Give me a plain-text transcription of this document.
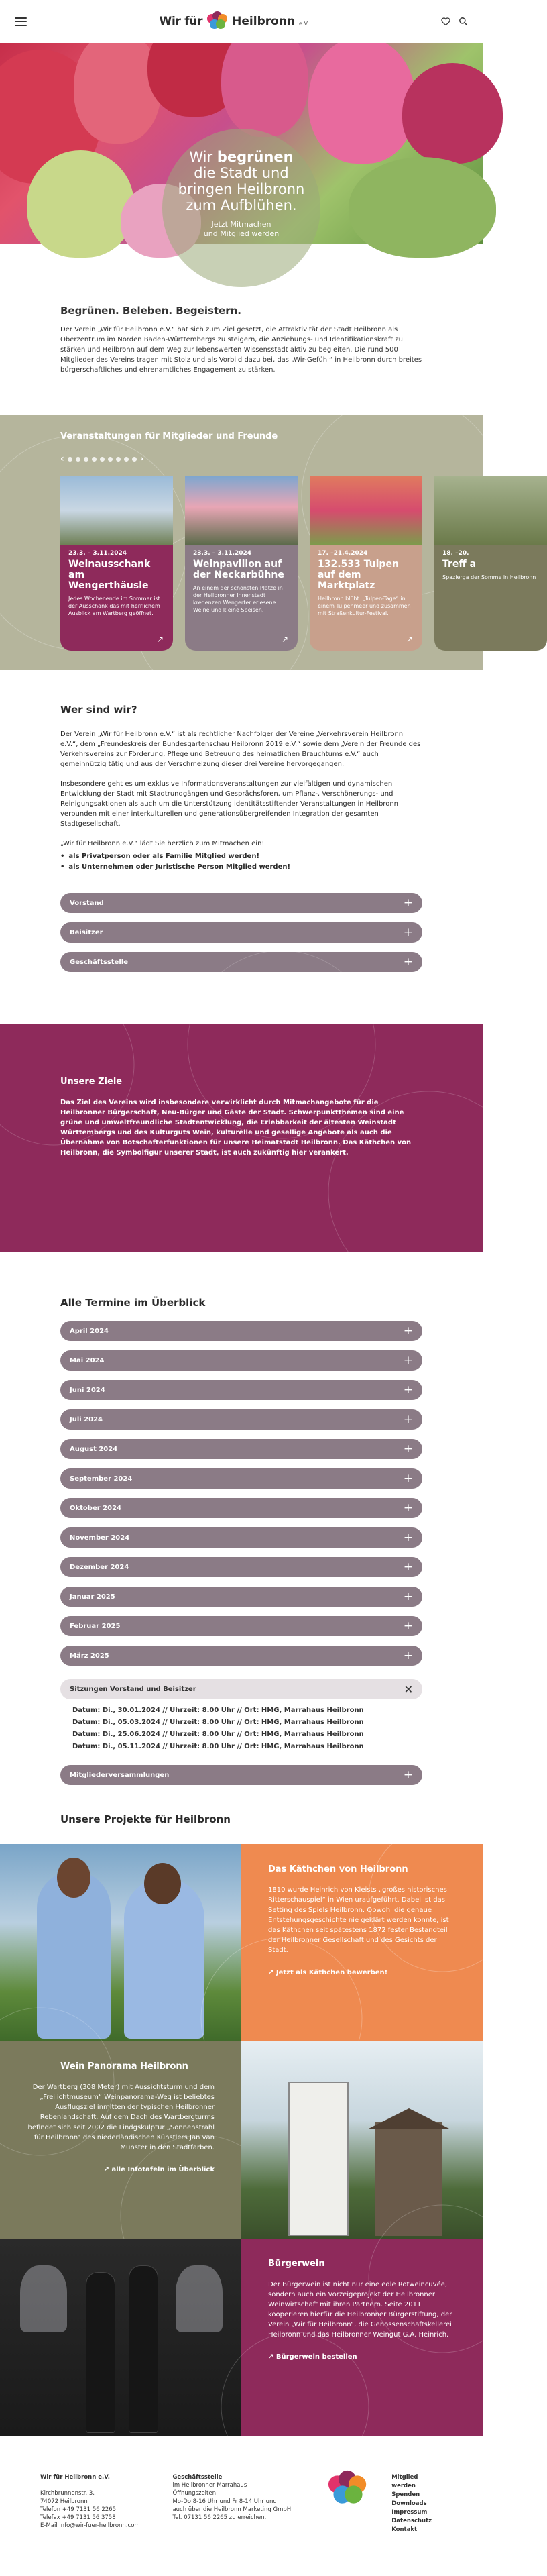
Wir für	Heilbronn e.V.
Wir begrünen
die Stadt und
bringen Heilbronn
zum Aufblühen.
Jetzt Mitmachen
und Mitglied werden
Begrünen. Beleben. Begeistern.

Der Verein „Wir für Heilbronn e.V.“ hat sich zum Ziel gesetzt, die Attraktivität der Stadt Heilbronn als Oberzentrum im Norden Baden-Württembergs zu steigern, die Anziehungs- und Identifikationskraft zu stärken und Heilbronn auf dem Weg zur lebenswerten Wissensstadt aktiv zu begleiten. Die rund 500 Mitglieder des Vereins tragen mit Stolz und als Vorbild dazu bei, das „Wir-Gefühl“ in Heilbronn durch breites bürgerschaftliches und ehrenamtliches Engagement zu stärken.

Veranstaltungen für Mitglieder und Freunde
‹	›
23.3. – 3.11.2024
Weinausschank am Wengerthäusle
Jedes Wochenende im Sommer ist der Ausschank das mit herrlichem Ausblick am Wartberg geöffnet.
↗
23.3. – 3.11.2024
Weinpavillon auf der Neckarbühne
An einem der schönsten Plätze in der Heilbronner Innenstadt kredenzen Wengerter erlesene Weine und kleine Speisen.
↗
17. –21.4.2024
132.533 Tulpen auf dem Marktplatz
Heilbronn blüht: „Tulpen-Tage“ in einem Tulpenmeer und zusammen mit Straßenkultur-Festival.
↗
18. –20.
Treff a
Spazierga der Somme in Heilbronn
Wer sind wir?

Der Verein „Wir für Heilbronn e.V.“ ist als rechtlicher Nachfolger der Vereine „Verkehrsverein Heilbronn e.V.“, dem „Freundeskreis der Bundesgartenschau Heilbronn 2019 e.V.“ sowie dem „Verein der Freunde des Verkehrsvereins zur Förderung, Pflege und Betreuung des heimatlichen Brauchtums e.V.“ auch gemeinnützig tätig und aus der Verschmelzung dieser drei Vereine hervorgegangen.

Insbesondere geht es um exklusive Informationsveranstaltungen zur vielfältigen und dynamischen Entwicklung der Stadt mit Stadtrundgängen und Gesprächsforen, um Pflanz-, Verschönerungs- und Reinigungsaktionen als auch um die Unterstützung identitätsstiftender Veranstaltungen in Heilbronn verbunden mit einer interkulturellen und generationsübergreifenden Integration der gesamten Stadtgesellschaft.

„Wir für Heilbronn e.V.“ lädt Sie herzlich zum Mitmachen ein!

• als Privatperson oder als Familie Mitglied werden!
• als Unternehmen oder Juristische Person Mitglied werden!
Vorstand	+
Beisitzer	+
Geschäftsstelle	+
Unsere Ziele

Das Ziel des Vereins wird insbesondere verwirklicht durch Mitmachangebote für die Heilbronner Bürgerschaft, Neu-Bürger und Gäste der Stadt. Schwerpunktthemen sind eine grüne und umweltfreundliche Stadtentwicklung, die Erlebbarkeit der ältesten Weinstadt Württembergs und des Kulturguts Wein, kulturelle und gesellige Angebote als auch die Übernahme von Botschafterfunktionen für unsere Heimatstadt Heilbronn. Das Käthchen von Heilbronn, die Symbolfigur unserer Stadt, ist auch zukünftig hier verankert.

Alle Termine im Überblick
April 2024	+
Mai 2024	+
Juni 2024	+
Juli 2024	+
August 2024	+
September 2024	+
Oktober 2024	+
November 2024	+
Dezember 2024	+
Januar 2025	+
Februar 2025	+
März 2025	+
Sitzungen Vorstand und Beisitzer	✕
Datum: Di., 30.01.2024 // Uhrzeit: 8.00 Uhr // Ort: HMG, Marrahaus Heilbronn
Datum: Di., 05.03.2024 // Uhrzeit: 8.00 Uhr // Ort: HMG, Marrahaus Heilbronn
Datum: Di., 25.06.2024 // Uhrzeit: 8.00 Uhr // Ort: HMG, Marrahaus Heilbronn
Datum: Di., 05.11.2024 // Uhrzeit: 8.00 Uhr // Ort: HMG, Marrahaus Heilbronn
Mitgliederversammlungen	+
Unsere Projekte für Heilbronn
Das Käthchen von Heilbronn

1810 wurde Heinrich von Kleists „großes historisches Ritterschauspiel“ in Wien uraufgeführt. Dabei ist das Setting des Spiels Heilbronn. Obwohl die genaue Entstehungsgeschichte nie geklärt werden konnte, ist das Käthchen seit spätestens 1872 fester Bestandteil der Heilbronner Gesellschaft und des Gesichts der Stadt.

↗ Jetzt als Käthchen bewerben!
Wein Panorama Heilbronn

Der Wartberg (308 Meter) mit Aussichtsturm und dem „Freilichtmuseum“ Weinpanorama-Weg ist beliebtes Ausflugsziel inmitten der typischen Heilbronner Rebenlandschaft. Auf dem Dach des Wartbergturms befindet sich seit 2002 die Lindgskulptur „Sonnenstrahl für Heilbronn“ des niederländischen Künstlers Jan van Munster in den Stadtfarben.

↗ alle Infotafeln im Überblick
Bürgerwein

Der Bürgerwein ist nicht nur eine edle Rotweincuvée, sondern auch ein Vorzeigeprojekt der Heilbronner Weinwirtschaft mit ihren Partnern. Seite 2011 kooperieren hierfür die Heilbronner Bürgerstiftung, der Verein „Wir für Heilbronn“, die Genossenschaftskellerei Heilbronn und das Heilbronner Weingut G.A. Heinrich.

↗ Bürgerwein bestellen
Wir für Heilbronn e.V.

Kirchbrunnenstr. 3,
74072 Heilbronn
Telefon +49 7131 56 2265
Telefax +49 7131 56 3758
E-Mail info@wir-fuer-heilbronn.com
Geschäftsstelle
im Heilbronner Marrahaus
Öffnungszeiten:
Mo-Do 8-16 Uhr und Fr 8-14 Uhr und
auch über die Heilbronn Marketing GmbH
Tel. 07131 56 2265 zu erreichen.
Mitglied werden
Spenden
Downloads
Impressum
Datenschutz
Kontakt
